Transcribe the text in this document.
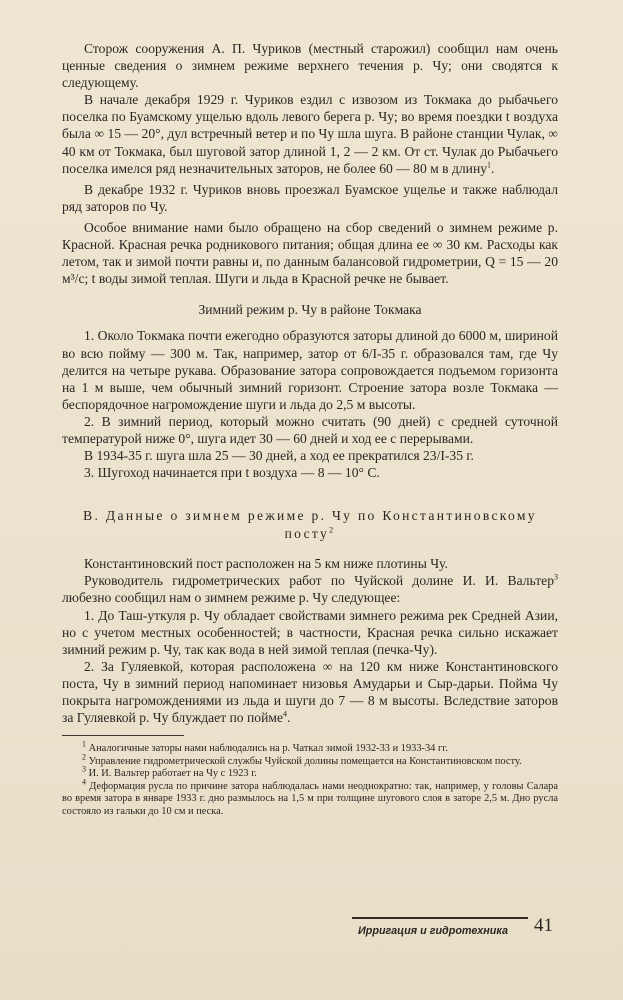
Сторож сооружения А. П. Чуриков (местный старожил) сообщил нам очень ценные сведения о зимнем режиме верхнего течения р. Чу; они сводятся к следующему.

В начале декабря 1929 г. Чуриков ездил с извозом из Токмака до рыбачьего поселка по Буамскому ущелью вдоль левого берега р. Чу; во время поездки t воздуха была ∞ 15 — 20°, дул встречный ветер и по Чу шла шуга. В районе станции Чулак, ∞ 40 км от Токмака, был шуговой затор длиной 1, 2 — 2 км. От ст. Чулак до Рыбачьего поселка имелся ряд незначительных заторов, не более 60 — 80 м в длину$^1$.

В декабре 1932 г. Чуриков вновь проезжал Буамское ущелье и также наблюдал ряд заторов по Чу.

Особое внимание нами было обращено на сбор сведений о зимнем режиме р. Красной. Красная речка родникового питания; общая длина ее ∞ 30 км. Расходы как летом, так и зимой почти равны и, по данным балансовой гидрометрии, Q = 15 — 20 м³/с; t воды зимой теплая. Шуги и льда в Красной речке не бывает.

Зимний режим р. Чу в районе Токмака

1. Около Токмака почти ежегодно образуются заторы длиной до 6000 м, шириной во всю пойму — 300 м. Так, например, затор от 6/I-35 г. образовался там, где Чу делится на четыре рукава. Образование затора сопровождается подъемом горизонта на 1 м выше, чем обычный зимний горизонт. Строение затора возле Токмака — беспорядочное нагромождение шуги и льда до 2,5 м высоты.

2. В зимний период, который можно считать (90 дней) с средней суточной температурой ниже 0°, шуга идет 30 — 60 дней и ход ее с перерывами.

В 1934-35 г. шуга шла 25 — 30 дней, а ход ее прекратился 23/I-35 г.

3. Шугоход начинается при t воздуха — 8 — 10° С.

В. Данные о зимнем режиме р. Чу по Константиновскому посту$^2$

Константиновский пост расположен на 5 км ниже плотины Чу.

Руководитель гидрометрических работ по Чуйской долине И. И. Вальтер$^3$ любезно сообщил нам о зимнем режиме р. Чу следующее:

1. До Таш-уткуля р. Чу обладает свойствами зимнего режима рек Средней Азии, но с учетом местных особенностей; в частности, Красная речка сильно искажает зимний режим р. Чу, так как вода в ней зимой теплая (печка-Чу).

2. За Гуляевкой, которая расположена ∞ на 120 км ниже Константиновского поста, Чу в зимний период напоминает низовья Амударьи и Сыр-дарьи. Пойма Чу покрыта нагромождениями из льда и шуги до 7 — 8 м высоты. Вследствие заторов за Гуляевкой р. Чу блуждает по пойме$^4$.

$^1$ Аналогичные заторы нами наблюдались на р. Чаткал зимой 1932-33 и 1933-34 гг.

$^2$ Управление гидрометрической службы Чуйской долины помещается на Константиновском посту.

$^3$ И. И. Вальтер работает на Чу с 1923 г.

$^4$ Деформация русла по причине затора наблюдалась нами неоднократно: так, например, у головы Салара во время затора в январе 1933 г. дно размылось на 1,5 м при толщине шугового слоя в заторе 2,5 м. Дно русла состояло из гальки до 10 см и песка.

Ирригация и гидротехника 41
